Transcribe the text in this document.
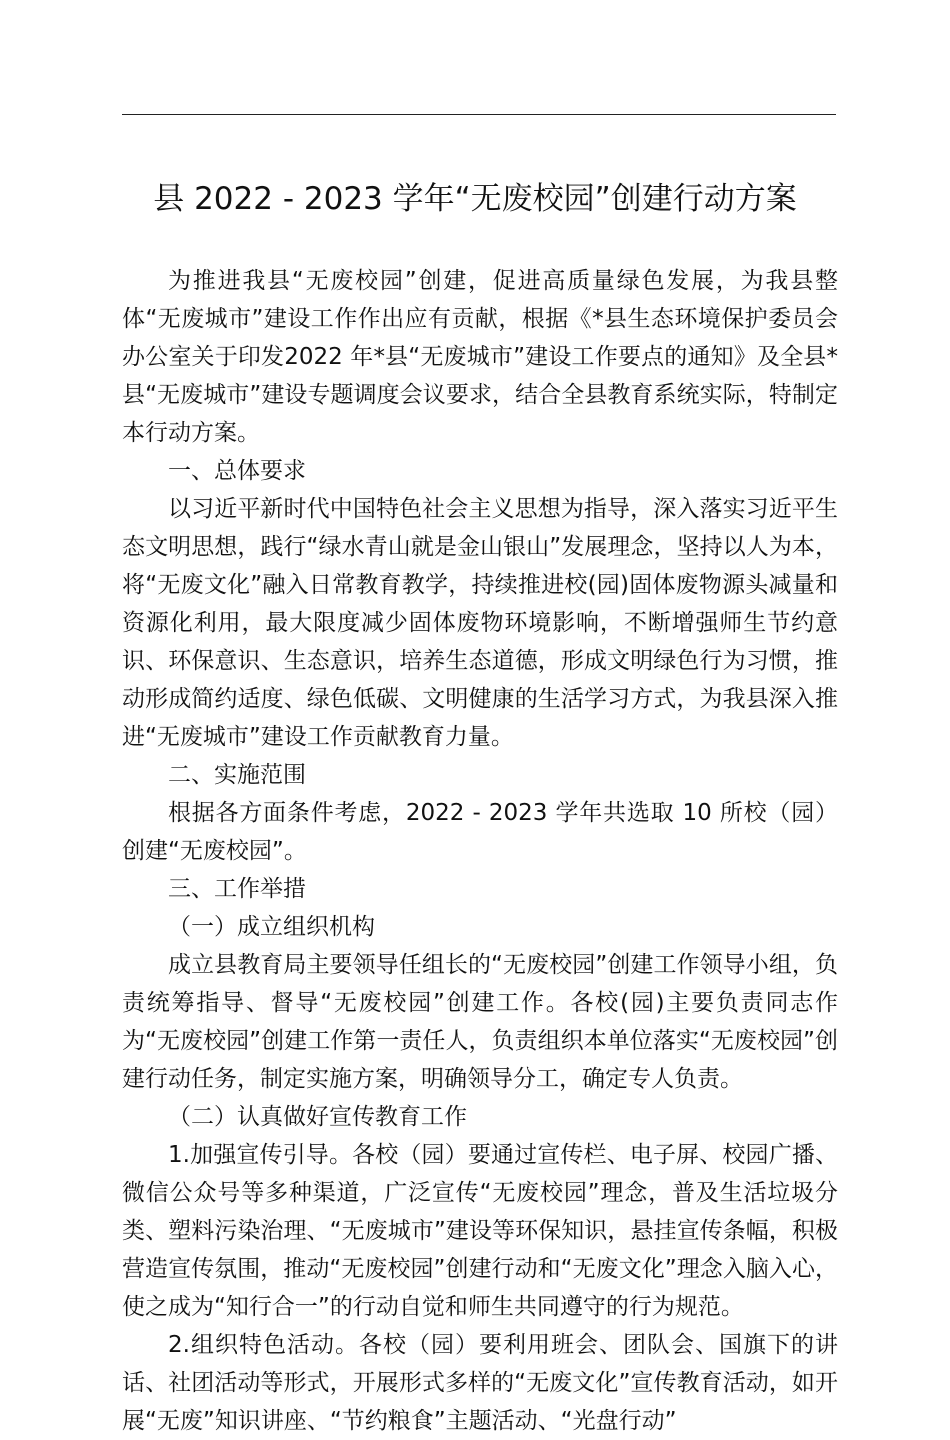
县 2022 - 2023 学年“无废校园”创建行动方案

为推进我县“无废校园”创建，促进高质量绿色发展，为我县整体“无废城市”建设工作作出应有贡献，根据《*县生态环境保护委员会办公室关于印发2022 年*县“无废城市”建设工作要点的通知》及全县*县“无废城市”建设专题调度会议要求，结合全县教育系统实际，特制定本行动方案。

一、总体要求

以习近平新时代中国特色社会主义思想为指导，深入落实习近平生态文明思想，践行“绿水青山就是金山银山”发展理念，坚持以人为本，将“无废文化”融入日常教育教学，持续推进校(园)固体废物源头减量和资源化利用，最大限度减少固体废物环境影响，不断增强师生节约意识、环保意识、生态意识，培养生态道德，形成文明绿色行为习惯，推动形成简约适度、绿色低碳、文明健康的生活学习方式，为我县深入推进“无废城市”建设工作贡献教育力量。

二、实施范围

根据各方面条件考虑，2022 - 2023 学年共选取 10 所校（园）创建“无废校园”。

三、工作举措

（一）成立组织机构

成立县教育局主要领导任组长的“无废校园”创建工作领导小组，负责统筹指导、督导“无废校园”创建工作。各校(园)主要负责同志作为“无废校园”创建工作第一责任人，负责组织本单位落实“无废校园”创建行动任务，制定实施方案，明确领导分工，确定专人负责。

（二）认真做好宣传教育工作

1.加强宣传引导。各校（园）要通过宣传栏、电子屏、校园广播、微信公众号等多种渠道，广泛宣传“无废校园”理念，普及生活垃圾分类、塑料污染治理、“无废城市”建设等环保知识，悬挂宣传条幅，积极营造宣传氛围，推动“无废校园”创建行动和“无废文化”理念入脑入心，使之成为“知行合一”的行动自觉和师生共同遵守的行为规范。

2.组织特色活动。各校（园）要利用班会、团队会、国旗下的讲话、社团活动等形式，开展形式多样的“无废文化”宣传教育活动，如开展“无废”知识讲座、“节约粮食”主题活动、“光盘行动”
